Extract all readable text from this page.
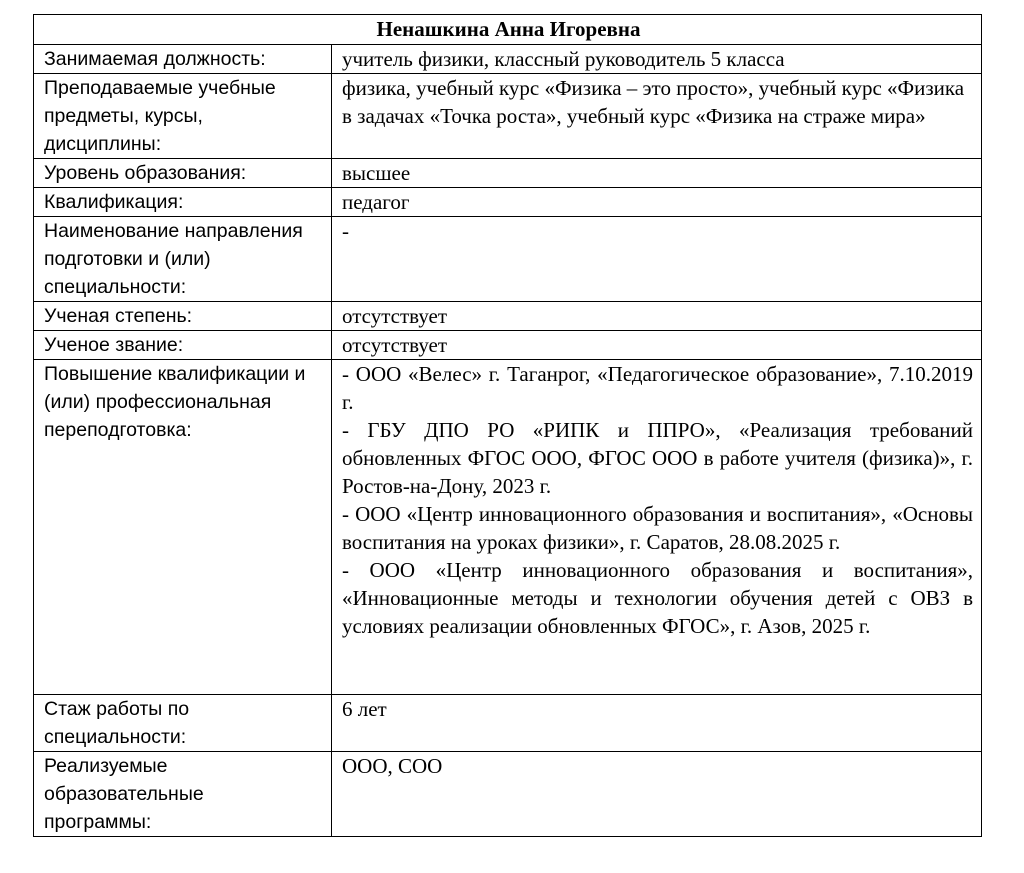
Ненашкина Анна Игоревна	
Занимаемая должность:	учитель физики, классный руководитель 5 класса
Преподаваемые учебные предметы, курсы, дисциплины:	физика, учебный курс «Физика – это просто», учебный курс «Физика в задачах «Точка роста», учебный курс «Физика на страже мира»
Уровень образования:	высшее
Квалификация:	педагог
Наименование направления подготовки и (или) специальности:	-
Ученая степень:	отсутствует
Ученое звание:	отсутствует
Повышение квалификации и (или) профессиональная переподготовка:	- ООО «Велес» г. Таганрог, «Педагогическое образование», 7.10.2019 г.
- ГБУ ДПО РО «РИПК и ППРО», «Реализация требований обновленных ФГОС ООО, ФГОС ООО в работе учителя (физика)», г. Ростов-на-Дону, 2023 г.
- ООО «Центр инновационного образования и воспитания», «Основы воспитания на уроках физики», г. Саратов, 28.08.2025 г.
- ООО «Центр инновационного образования и воспитания», «Инновационные методы и технологии обучения детей с ОВЗ в условиях реализации обновленных ФГОС», г. Азов, 2025 г.

Стаж работы по специальности:	6 лет
Реализуемые образовательные программы:	ООО, СОО
